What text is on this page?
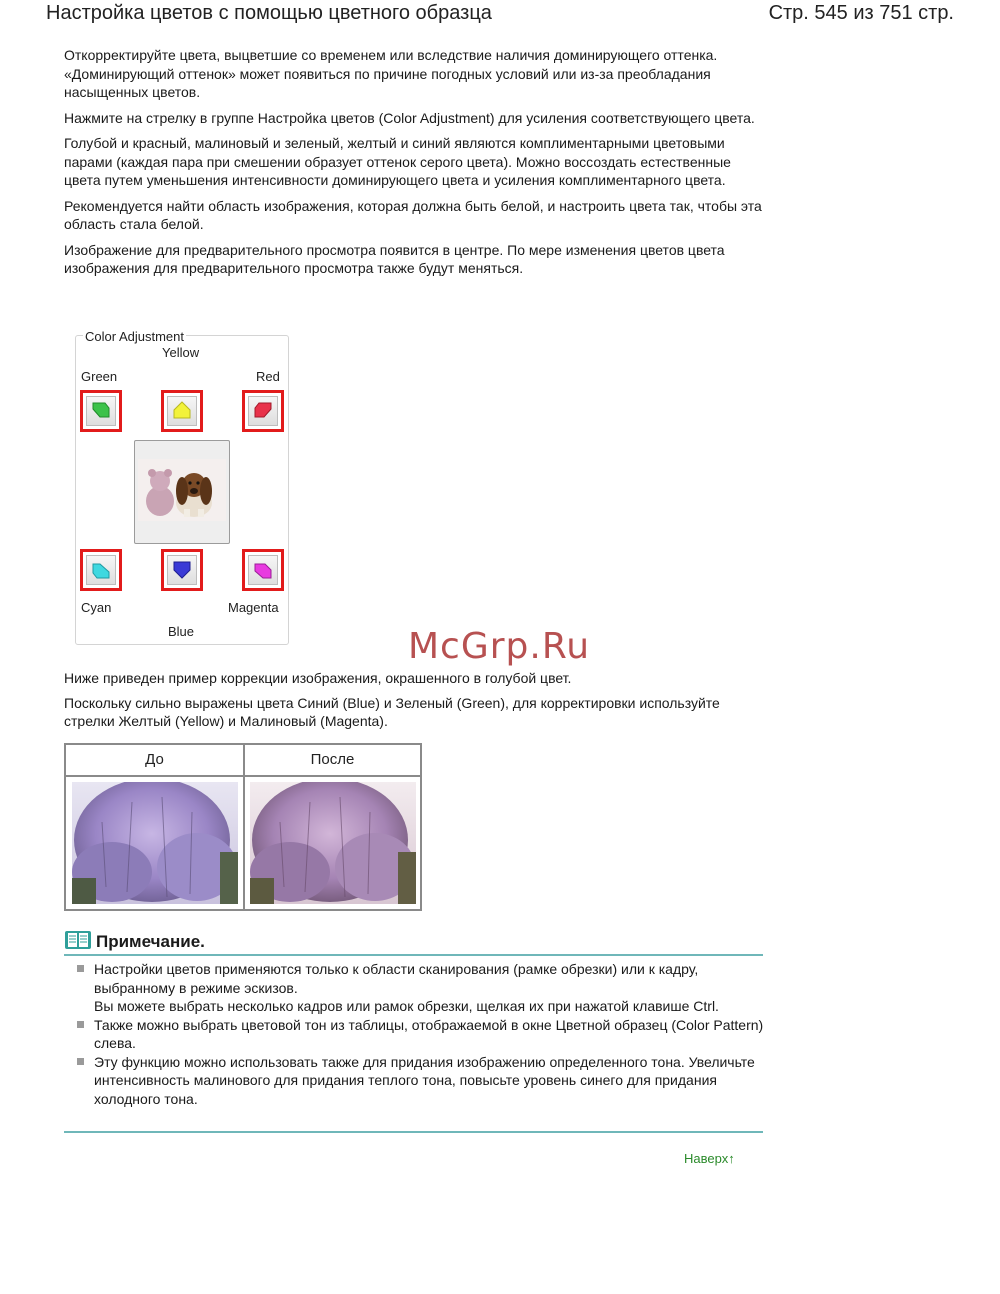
Настройка цветов с помощью цветного образца	Стр. 545 из 751 стр.

Откорректируйте цвета, выцветшие со временем или вследствие наличия доминирующего оттенка. «Доминирующий оттенок» может появиться по причине погодных условий или из-за преобладания насыщенных цветов.

Нажмите на стрелку в группе Настройка цветов (Color Adjustment) для усиления соответствующего цвета.

Голубой и красный, малиновый и зеленый, желтый и синий являются комплиментарными цветовыми парами (каждая пара при смешении образует оттенок серого цвета). Можно воссоздать естественные цвета путем уменьшения интенсивности доминирующего цвета и усиления комплиментарного цвета.

Рекомендуется найти область изображения, которая должна быть белой, и настроить цвета так, чтобы эта область стала белой.

Изображение для предварительного просмотра появится в центре. По мере изменения цветов цвета изображения для предварительного просмотра также будут меняться.

Color Adjustment
Yellow
Green	Red
Cyan	Magenta
Blue	McGrp.Ru

Ниже приведен пример коррекции изображения, окрашенного в голубой цвет.

Поскольку сильно выражены цвета Синий (Blue) и Зеленый (Green), для корректировки используйте стрелки Желтый (Yellow) и Малиновый (Magenta).

До	После
Примечание.
Настройки цветов применяются только к области сканирования (рамке обрезки) или к кадру, выбранному в режиме эскизов.
Вы можете выбрать несколько кадров или рамок обрезки, щелкая их при нажатой клавише Ctrl.
Также можно выбрать цветовой тон из таблицы, отображаемой в окне Цветной образец (Color Pattern) слева.
Эту функцию можно использовать также для придания изображению определенного тона. Увеличьте интенсивность малинового для придания теплого тона, повысьте уровень синего для придания холодного тона.
Наверх↑
